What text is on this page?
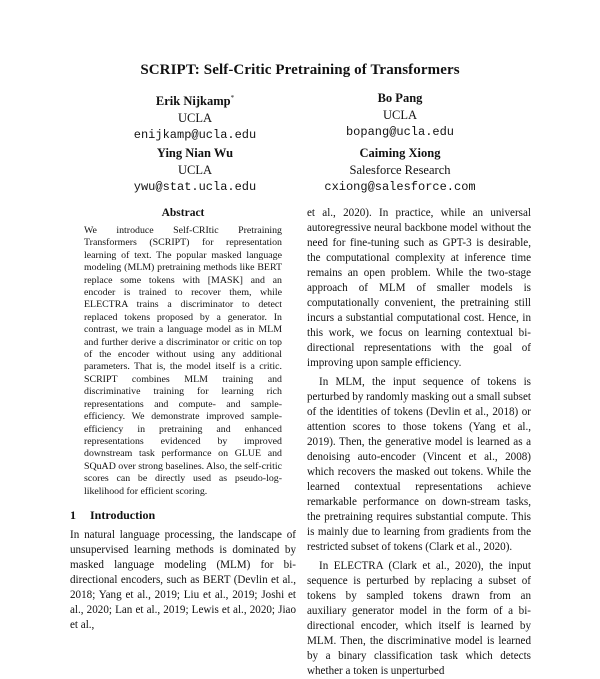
SCRIPT: Self-Critic Pretraining of Transformers
Erik Nijkamp*
UCLA
enijkamp@ucla.edu
Bo Pang
UCLA
bopang@ucla.edu
Ying Nian Wu
UCLA
ywu@stat.ucla.edu
Caiming Xiong
Salesforce Research
cxiong@salesforce.com
Abstract

We introduce Self-CRItic Pretraining Transformers (SCRIPT) for representation learning of text. The popular masked language modeling (MLM) pretraining methods like BERT replace some tokens with [MASK] and an encoder is trained to recover them, while ELECTRA trains a discriminator to detect replaced tokens proposed by a generator. In contrast, we train a language model as in MLM and further derive a discriminator or critic on top of the encoder without using any additional parameters. That is, the model itself is a critic. SCRIPT combines MLM training and discriminative training for learning rich representations and compute- and sample-efficiency. We demonstrate improved sample-efficiency in pretraining and enhanced representations evidenced by improved downstream task performance on GLUE and SQuAD over strong baselines. Also, the self-critic scores can be directly used as pseudo-log-likelihood for efficient scoring.

1 Introduction

In natural language processing, the landscape of unsupervised learning methods is dominated by masked language modeling (MLM) for bi-directional encoders, such as BERT (Devlin et al., 2018; Yang et al., 2019; Liu et al., 2019; Joshi et al., 2020; Lan et al., 2019; Lewis et al., 2020; Jiao et al.,

et al., 2020). In practice, while an universal autoregressive neural backbone model without the need for fine-tuning such as GPT-3 is desirable, the computational complexity at inference time remains an open problem. While the two-stage approach of MLM of smaller models is computationally convenient, the pretraining still incurs a substantial computational cost. Hence, in this work, we focus on learning contextual bi-directional representations with the goal of improving upon sample efficiency.

In MLM, the input sequence of tokens is perturbed by randomly masking out a small subset of the identities of tokens (Devlin et al., 2018) or attention scores to those tokens (Yang et al., 2019). Then, the generative model is learned as a denoising auto-encoder (Vincent et al., 2008) which recovers the masked out tokens. While the learned contextual representations achieve remarkable performance on down-stream tasks, the pretraining requires substantial compute. This is mainly due to learning from gradients from the restricted subset of tokens (Clark et al., 2020).

In ELECTRA (Clark et al., 2020), the input sequence is perturbed by replacing a subset of tokens by sampled tokens drawn from an auxiliary generator model in the form of a bi-directional encoder, which itself is learned by MLM. Then, the discriminative model is learned by a binary classification task which detects whether a token is unperturbed
